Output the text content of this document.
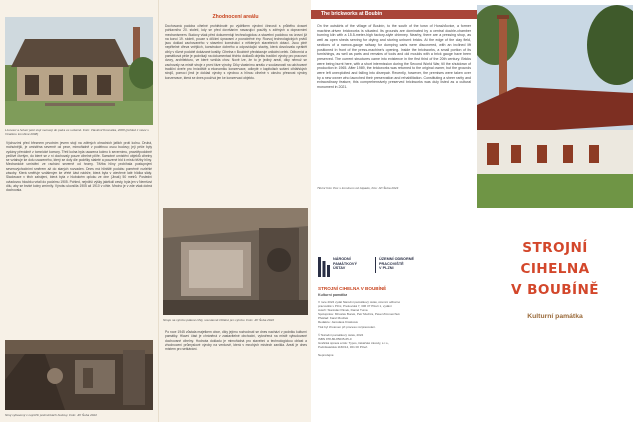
Lisovací a řezací jetel stojí nemasý do patra ve sušárně. Foto: Vlastimil Kosnatka, 2008 (pohled z návsi s Vinatkou kombiné 2008)
Výchozími před březnem prvotním jevem stojí na zděných ohradních jatlich proti kolnu. Druhá, mohutnější, je umístěna severně od pece, mimořádně v podélnou osou budovy; její péče byly vydány převážně z tomnické komory. Třetí kolna byla usazena kolmo k severnímu, pravděpodobně pečlivě čtvrtým, do které se z ní dochovaly pouze cihelné pilíře. Samotné umístění objektů cihelny se vztahuje ke dolu usazeného, který se doly dle podélky staleté a pouzené bid k místu těžby hlíny. Mechanické umístění ze rachání severně od hromy. Těžba hlíny probíhala postupnými severovýchodními směrem až do starých rozvaden. Dnes má hliniště podobu pomérně rozlehlé zásoby. Která směřuje vzdáleným ke vřeté část nádrže, která byla v otevřené laté hlídka sláty. Sladovace v těch zahájení, která byla v hlubokém oploku ze dne (Jinak) 50 metrů. Poslední ovladovou hloubku vrtali do podzimu 1905. Pohled, nejnižší výšky jakékoli cesty, byla jen v Nemšovi dílu, aby se brzké kolny zmírnily. Výrobu ukončila 1905 až 1910 v cihle. Mnoho je v zde však dobrá dochovala.
Stroj vybavený v nejnižší podmínkách budovy. Foto: Jiří Šuba 2022
Zhodnocení areálu
Dochovaná podoba cihelné prohlédnuté po výdělkem výrobní činností s průběhu dvacet pohlavního 20. století, kdy se před dovršáním navazující použily s zděných a dopravními mechanismem. Budovy však před dokumentují technologickou a stavební podobou na úrovni již na konci 19. století, pouze s dílčími úpravami z povodněné éry. Rozvoj technologických prvků jsou doklad zachovaného v stavební konstrukci z některých stavebních dotací. Jsou plně nepřitelné dřeva vnějších, konstrukce dobrého a odpovídající stavby, která dovolovala vyrábět cihly v různé podobě dokázané kvality. Cihelna v Boubíně představuje unikátní celek. Odborníci a památková péče je podnikají na dokumentaci těchto dokladů objektu tradiční výroby pro pracovní dvory, architekturu, ve které vznikla chov. Nově lze, že to je jediný areál, díky němuž se zachovaly na místě stroje z první fáze výroby. Díky vlastnímu areálu v současnosti na udržované tradiční dveře pro hnízdiště a ekonomiku konzervace, odkryté v kapitolách sušení cihlářských strojů, pomocí jimž je doklad výroby s výrobou a hlínou cihelné v okruhu přesnost výroby konzervace, která se dnes používá jen ke konzervaci objektu.
Stroje na výrobu pálené cihly, soustavně čištěné pro výrobu. Foto: Jiří Šuba 2022
Po roce 1945 zůstala majetkem obce, díky jejímu rozhodnutí se dnes nachází v podniku kulturní památky. Hlavní část je chráněná v zastavitelné obchodní, vytvořená na místě vybudované dochované cihelny. Hodnota dokladu je mimořádná pro stavební a technologickou oblast a zhodnocení průmyslové výroby na venkově, která v mnohých místech zanikla. Areál je dnes místem pro setkávání.
The brickworks at Boubín
On the outskirts of the village of Boubín, to the south of the town of Horažďovice, a former machine-driven brickworks is situated. Its grounds are dominated by a central double-chamber burning kiln with a 15.5-meter-high factory-style chimney. Nearby, there are a pressing shop, as well as open sheds serving for drying and storing unburnt bricks. At the edge of the clay field, sections of a narrow-gauge railway for dumping carts were discovered, with an inclined lift positioned in front of the press-machine's opening. Inside the brickworks, a small portion of its furnishings, as well as parts and remains of tools and old moulds with a brick gauge have been preserved. The current structures came into existence in the first third of the 20th century. Bricks were being burnt here, with a short intermission during the Second World War, till the shutdown of production in 1965. After 1989, the brickworks was returned to the original owner, but the grounds were left unexploited and falling into disrepair. Recently, however, the premises were taken over by a new owner who launched their preservation and rehabilitation. Constituting a sheer rarity and extraordinary feature, this comprehensively preserved brickworks was duly listed as a cultural monument in 2021.
Titulní foto: Pec s komínem od západu, foto: Jiří Šuba 2024
STROJNÍ
CIHELNA
V BOUBÍNĚ
Kulturní památka
NÁRODNÍ
PAMÁTKOVÝ
ÚSTAV
ÚZEMNÍ ODBORNÉ
PRACOVIŠTĚ
V PLZNI
STROJNÍ CIHELNA V BOUBÍNĚ
Kulturní památka
V roce 2024 vydal Národní památkový ústav, územní odborné
pracoviště v Plzni, Prešovská 7, 306 37 Plzeň 1, vydání
Autoři: Stanislav Pánek, Daniel Tuma
Spolupráce: Miroslav Bucek, Petr Mudrza, Pavel Zimmerchuk
Překlad: Karel Mudzek
Redakce: Jaroslava Krásková
Tisk byl zhotoven při procesu rozpracování.
© Národní památkový ústav, 2024
ISBN 978-80-85035-65-0
Grafická úprava a tisk: Typos, tiskařské závody, s.r.o.,
Podnikatelská 1160/14, 301 00 Plzeň
Neprodejné
